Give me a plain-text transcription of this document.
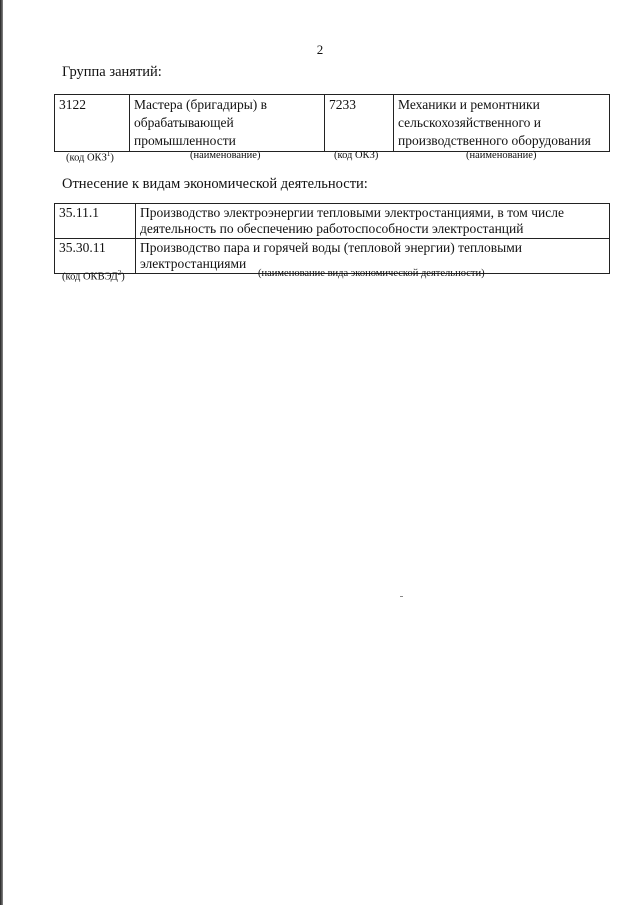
2
Группа занятий:
3122	Мастера (бригадиры) в обрабатывающей промышленности	7233	Механики и ремонтники сельскохозяйственного и производственного оборудования
(код ОКЗ$^1$)	(наименование)	(код ОКЗ)	(наименование)
Отнесение к видам экономической деятельности:
35.11.1	Производство электроэнергии тепловыми электростанциями, в том числе деятельность по обеспечению работоспособности электростанций
35.30.11	Производство пара и горячей воды (тепловой энергии) тепловыми электростанциями
(код ОКВЭД$^2$)	(наименование вида экономической деятельности)
